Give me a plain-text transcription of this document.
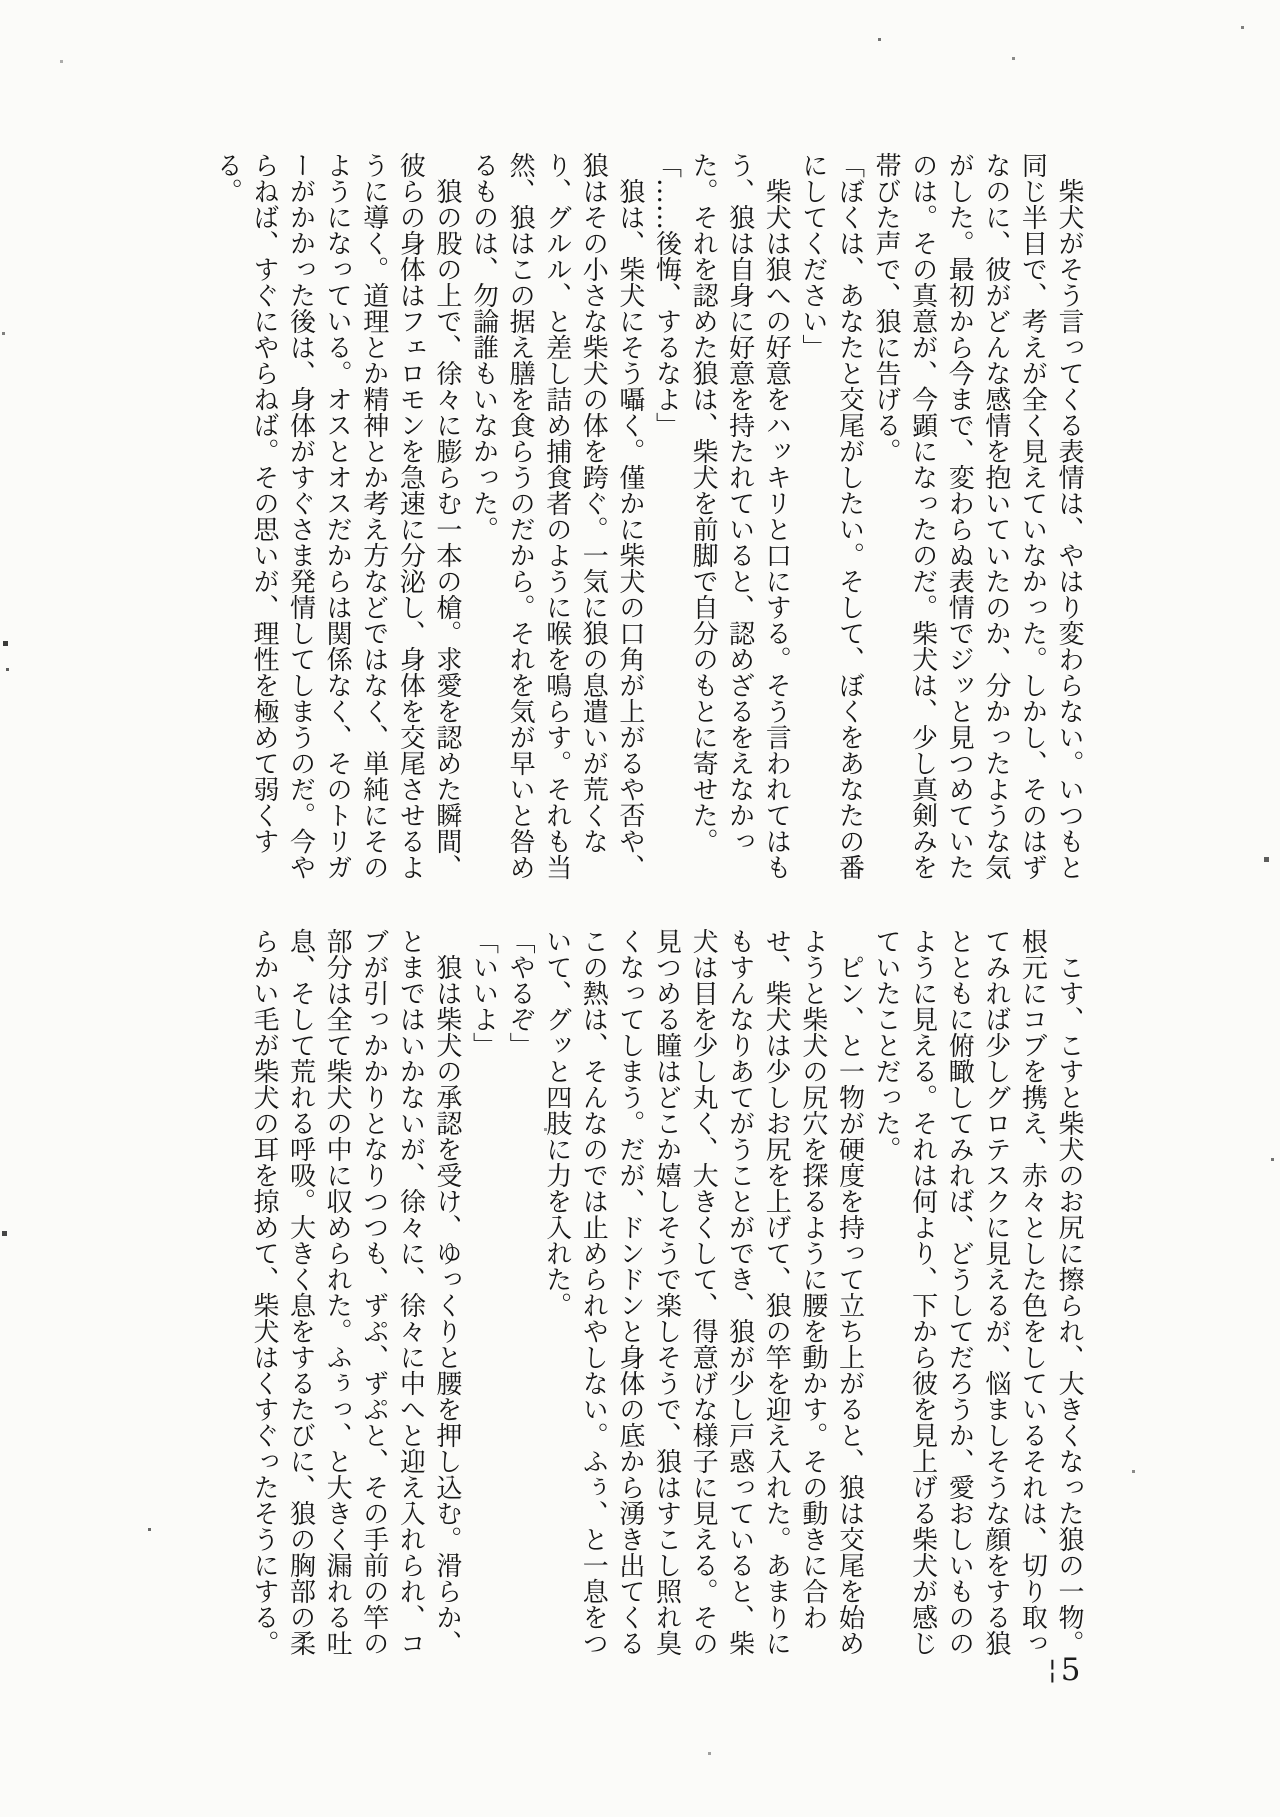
　柴犬がそう言ってくる表情は、やはり変わらない。いつもと同じ半目で、考えが全く見えていなかった。しかし、そのはずなのに、彼がどんな感情を抱いていたのか、分かったような気がした。最初から今まで、変わらぬ表情でジッと見つめていたのは。その真意が、今顕になったのだ。柴犬は、少し真剣みを帯びた声で、狼に告げる。

「ぼくは、あなたと交尾がしたい。そして、ぼくをあなたの番にしてください」

　柴犬は狼への好意をハッキリと口にする。そう言われてはもう、狼は自身に好意を持たれていると、認めざるをえなかった。それを認めた狼は、柴犬を前脚で自分のもとに寄せた。

「……後悔、するなよ」

　狼は、柴犬にそう囁く。僅かに柴犬の口角が上がるや否や、狼はその小さな柴犬の体を跨ぐ。一気に狼の息遣いが荒くなり、グルル、と差し詰め捕食者のように喉を鳴らす。それも当然、狼はこの据え膳を食らうのだから。それを気が早いと咎めるものは、勿論誰もいなかった。

　狼の股の上で、徐々に膨らむ一本の槍。求愛を認めた瞬間、彼らの身体はフェロモンを急速に分泌し、身体を交尾させるように導く。道理とか精神とか考え方などではなく、単純にそのようになっている。オスとオスだからは関係なく、そのトリガーがかかった後は、身体がすぐさま発情してしまうのだ。今やらねば、すぐにやらねば。その思いが、理性を極めて弱くする。

　こす、こすと柴犬のお尻に擦られ、大きくなった狼の一物。根元にコブを携え、赤々とした色をしているそれは、切り取ってみれば少しグロテスクに見えるが、悩ましそうな顔をする狼とともに俯瞰してみれば、どうしてだろうか、愛おしいもののように見える。それは何より、下から彼を見上げる柴犬が感じていたことだった。

　ピン、と一物が硬度を持って立ち上がると、狼は交尾を始めようと柴犬の尻穴を探るように腰を動かす。その動きに合わせ、柴犬は少しお尻を上げて、狼の竿を迎え入れた。あまりにもすんなりあてがうことができ、狼が少し戸惑っていると、柴犬は目を少し丸く、大きくして、得意げな様子に見える。その見つめる瞳はどこか嬉しそうで楽しそうで、狼はすこし照れ臭くなってしまう。だが、ドンドンと身体の底から湧き出てくるこの熱は、そんなのでは止められやしない。ふぅ、と一息をついて、グッと四肢に力を入れた。

「やるぞ」

「いいよ」

　狼は柴犬の承認を受け、ゆっくりと腰を押し込む。滑らか、とまではいかないが、徐々に、徐々に中へと迎え入れられ、コブが引っかかりとなりつつも、ずぷ、ずぷと、その手前の竿の部分は全て柴犬の中に収められた。ふぅっ、と大きく漏れる吐息、そして荒れる呼吸。大きく息をするたびに、狼の胸部の柔らかい毛が柴犬の耳を掠めて、柴犬はくすぐったそうにする。

¦5
